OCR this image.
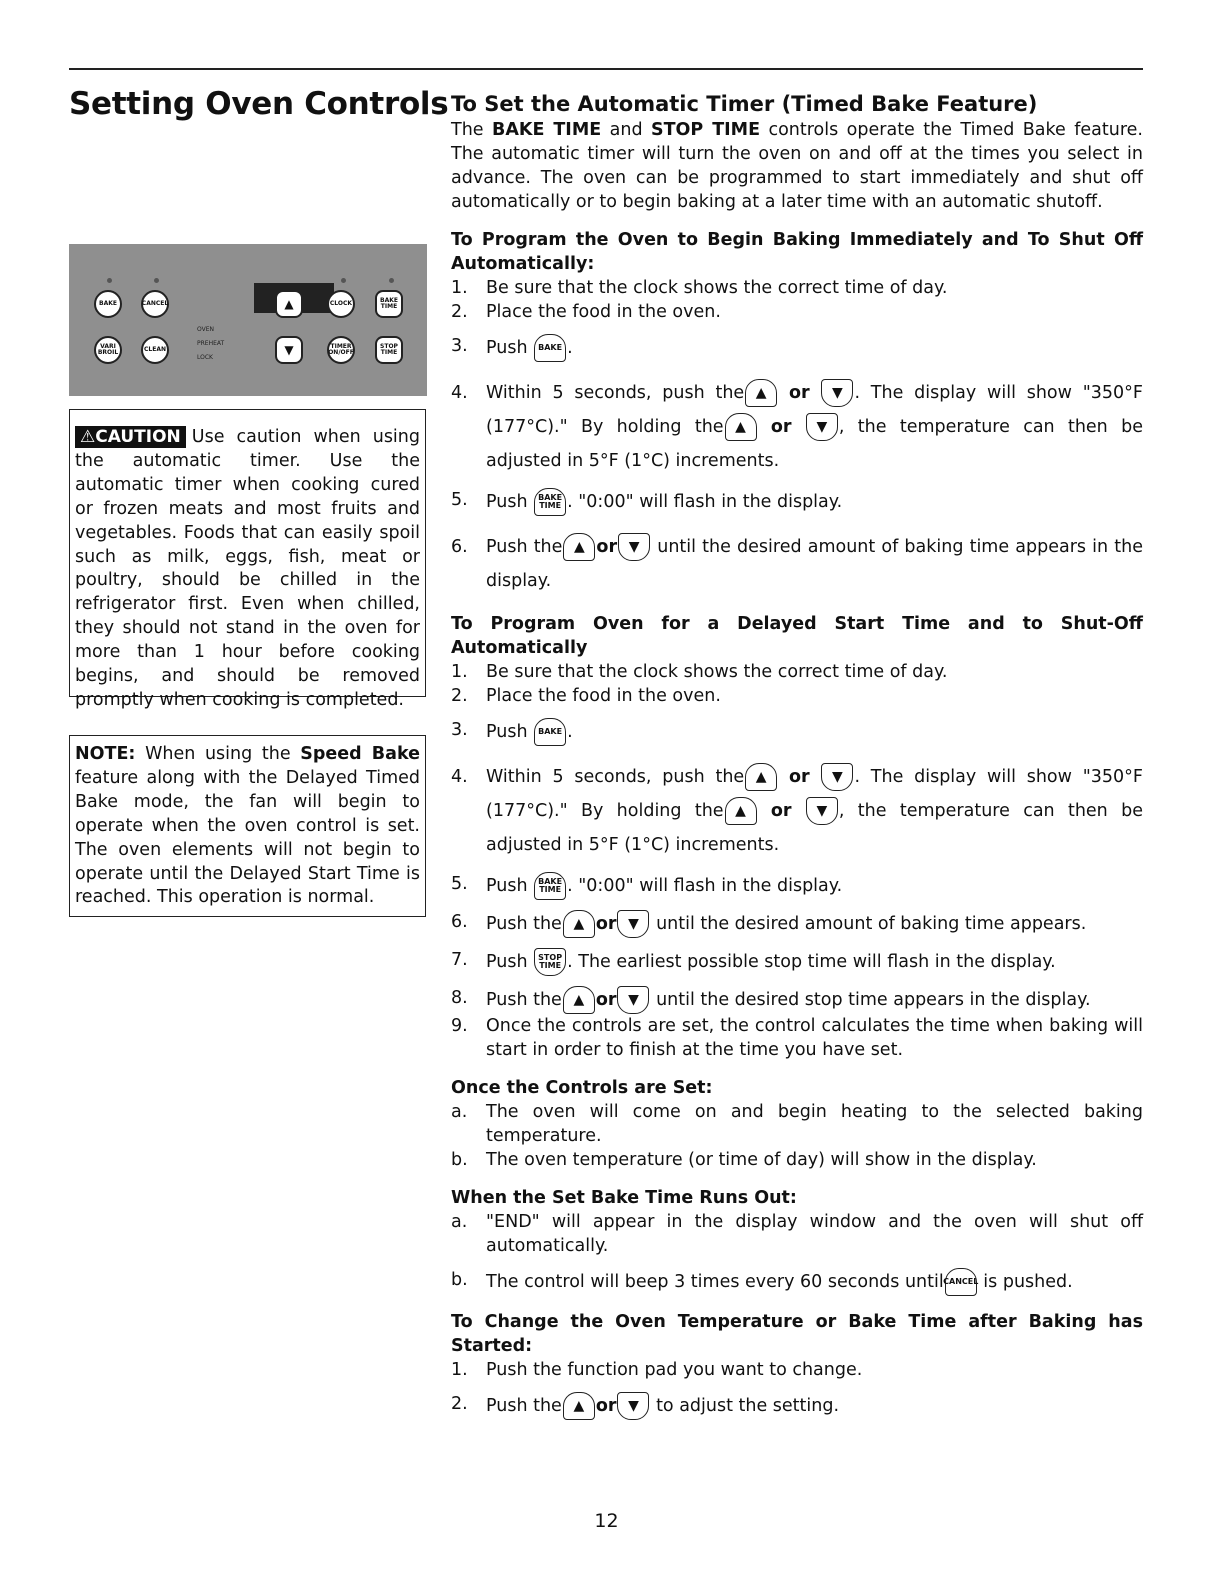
Setting Oven Controls
BAKE	CANCEL	▲	CLOCK	BAKE TIME
VARI BROIL	CLEAN	▼	TIMER ON/OFF
STOP TIME
OVEN
PREHEAT
LOCK
⚠CAUTION Use caution when using the automatic timer. Use the automatic timer when cooking cured or frozen meats and most fruits and vegetables. Foods that can easily spoil such as milk, eggs, fish, meat or poultry, should be chilled in the refrigerator first. Even when chilled, they should not stand in the oven for more than 1 hour before cooking begins, and should be removed promptly when cooking is completed.
NOTE: When using the Speed Bake feature along with the Delayed Timed Bake mode, the fan will begin to operate when the oven control is set. The oven elements will not begin to operate until the Delayed Start Time is reached. This operation is normal.

To Set the Automatic Timer (Timed Bake Feature)

The BAKE TIME and STOP TIME controls operate the Timed Bake feature. The automatic timer will turn the oven on and off at the times you select in advance. The oven can be programmed to start immediately and shut off automatically or to begin baking at a later time with an automatic shutoff.

To Program the Oven to Begin Baking Immediately and To Shut Off Automatically:

1.	Be sure that the clock shows the correct time of day.
2.	Place the food in the oven.
3.	Push BAKE .
4.	Within 5 seconds, push the ▲ or ▼ . The display will show "350°F (177°C)." By holding the ▲ or ▼ , the temperature can then be adjusted in 5°F (1°C) increments.
5.	Push BAKE TIME . "0:00" will flash in the display.
6.	Push the ▲ or ▼ until the desired amount of baking time appears in the display.

To Program Oven for a Delayed Start Time and to Shut-Off Automatically

1.	Be sure that the clock shows the correct time of day.
2.	Place the food in the oven.
3.	Push BAKE .
4.	Within 5 seconds, push the ▲ or ▼ . The display will show "350°F (177°C)." By holding the ▲ or ▼ , the temperature can then be adjusted in 5°F (1°C) increments.
5.	Push BAKE TIME . "0:00" will flash in the display.
6.	Push the ▲ or ▼ until the desired amount of baking time appears.
7.	Push STOP TIME . The earliest possible stop time will flash in the display.
8.	Push the ▲ or ▼ until the desired stop time appears in the display.
9.	Once the controls are set, the control calculates the time when baking will start in order to finish at the time you have set.

Once the Controls are Set:

a.	The oven will come on and begin heating to the selected baking temperature.
b.	The oven temperature (or time of day) will show in the display.

When the Set Bake Time Runs Out:

a.	"END" will appear in the display window and the oven will shut off automatically.
b.	The control will beep 3 times every 60 seconds untilCANCEL is pushed.

To Change the Oven Temperature or Bake Time after Baking has Started:

1.	Push the function pad you want to change.
2.	Push the ▲ or ▼ to adjust the setting.
12
